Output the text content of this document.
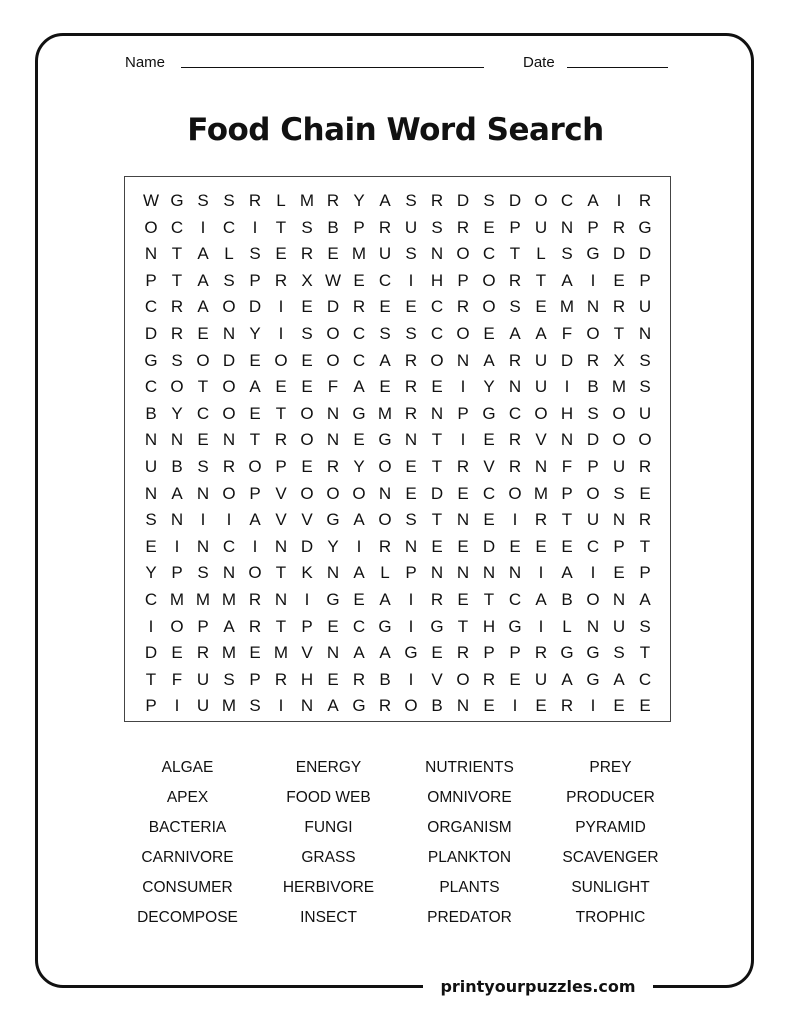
Name	Date
Food Chain Word Search
W G S S R L M R Y A S R D S D O C A	I	R
O C	I	C	I	T S B P R U S R E P U N P R G
N T A L S E R E M U S N O C T L S G D D
P T A S P R X W E C	I	H P O R T A	I	E P
C R A O D	I	E D R E E C R O S E M N R U
D R E N Y	I	S O C S S C O E A A F O T N
G S O D E O E O C A R O N A R U D R X S
C O T O A E E F A E R E	I	Y N U	I	B M S
B Y C O E T O N G M R N P G C O H S O U
N N E N T R O N E G N T	I	E R V N D O O
U B S R O P E R Y O E T R V R N F P U R
N A N O P V O O O N E D E C O M P O S E
S N	I	I	A V V G A O S T N E	I	R T U N R
E	I	N C	I	N D Y	I	R N E E D E E E C P T
Y P S N O T K N A L P N N N N	I	A	I	E P
C M M M R N	I	G E A	I	R E T C A B O N A
I	O P A R T P E C G	I	G T H G	I	L N U S
D E R M E M V N A A G E R P P R G G S T
T F U S P R H E R B	I	V O R E U A G A C
P	I	U M S	I	N A G R O B N E	I	E R	I	E E
ALGAE	ENERGY	NUTRIENTS	PREY
APEX	FOOD WEB	OMNIVORE	PRODUCER
BACTERIA	FUNGI	ORGANISM	PYRAMID
CARNIVORE	GRASS	PLANKTON	SCAVENGER
CONSUMER	HERBIVORE	PLANTS	SUNLIGHT
DECOMPOSE	INSECT	PREDATOR	TROPHIC
printyourpuzzles.com
